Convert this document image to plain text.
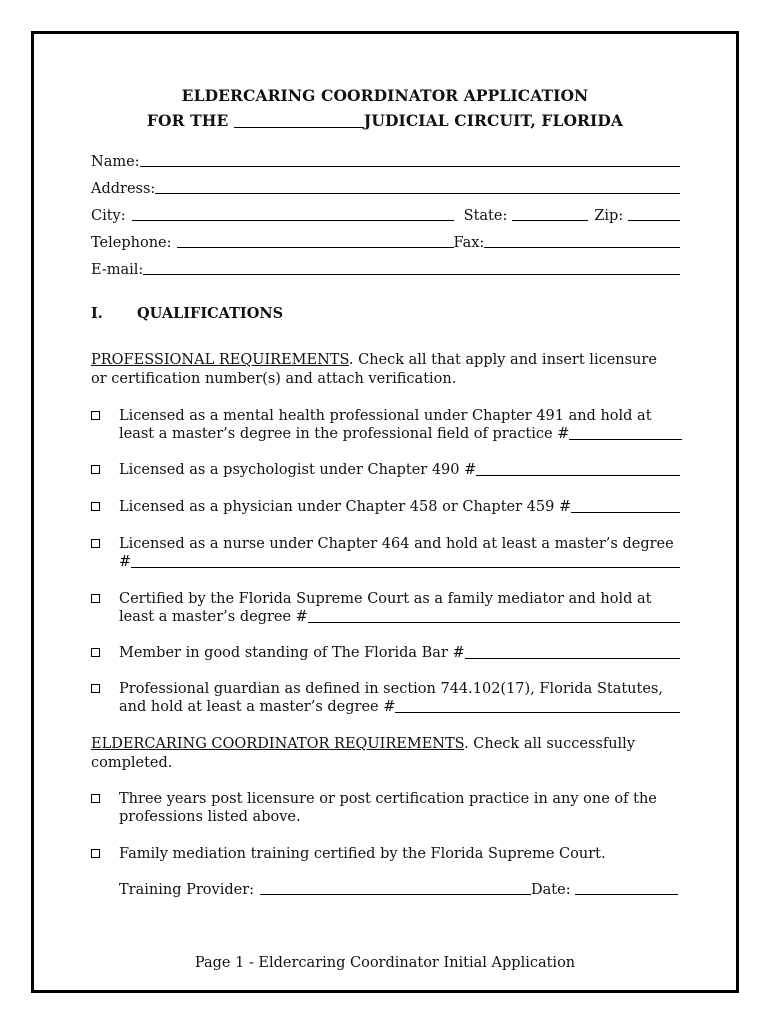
ELDERCARING COORDINATOR APPLICATION
FOR THE	JUDICIAL CIRCUIT, FLORIDA
Name:
Address:
City:	State:	Zip:
Telephone:	Fax:
E-mail:
I.	QUALIFICATIONS
PROFESSIONAL REQUIREMENTS. Check all that apply and insert licensure
or certification number(s) and attach verification.
Licensed as a mental health professional under Chapter 491 and hold at
least a master’s degree in the professional field of practice #
Licensed as a psychologist under Chapter 490 #
Licensed as a physician under Chapter 458 or Chapter 459 #
Licensed as a nurse under Chapter 464 and hold at least a master’s degree
#
Certified by the Florida Supreme Court as a family mediator and hold at
least a master’s degree #
Member in good standing of The Florida Bar #
Professional guardian as defined in section 744.102(17), Florida Statutes,
and hold at least a master’s degree #
ELDERCARING COORDINATOR REQUIREMENTS. Check all successfully
completed.
Three years post licensure or post certification practice in any one of the
professions listed above.
Family mediation training certified by the Florida Supreme Court.
Training Provider:	Date:
Page 1 - Eldercaring Coordinator Initial Application
